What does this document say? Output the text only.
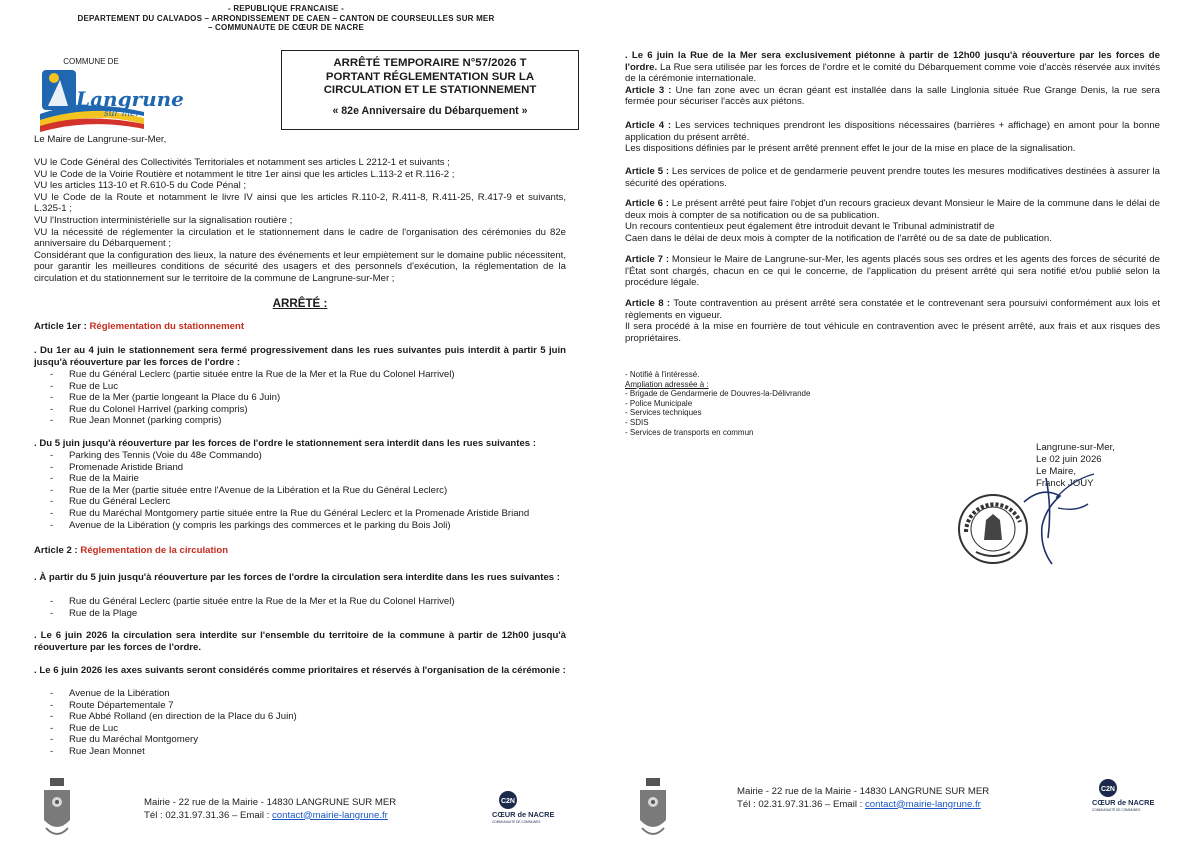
- REPUBLIQUE FRANCAISE -
DEPARTEMENT DU CALVADOS – ARRONDISSEMENT DE CAEN – CANTON DE COURSEULLES SUR MER
– COMMUNAUTE DE CŒUR DE NACRE
COMMUNE DE
Langrune
sur mer
ARRÊTÉ TEMPORAIRE N°57/2026 T
PORTANT RÉGLEMENTATION SUR LA
CIRCULATION ET LE STATIONNEMENT
« 82e Anniversaire du Débarquement »
Le Maire de Langrune-sur-Mer,

VU le Code Général des Collectivités Territoriales et notamment ses articles L 2212-1 et suivants ;

VU le Code de la Voirie Routière et notamment le titre 1er ainsi que les articles L.113-2 et R.116-2 ;

VU les articles 113-10 et R.610-5 du Code Pénal ;

VU le Code de la Route et notamment le livre IV ainsi que les articles R.110-2, R.411-8, R.411-25, R.417-9 et suivants, L.325-1 ;

VU l'Instruction interministérielle sur la signalisation routière ;

VU la nécessité de réglementer la circulation et le stationnement dans le cadre de l'organisation des cérémonies du 82e anniversaire du Débarquement ;

Considérant que la configuration des lieux, la nature des événements et leur empiètement sur le domaine public nécessitent, pour garantir les meilleures conditions de sécurité des usagers et des personnels d'exécution, la réglementation de la circulation et du stationnement sur le territoire de la commune de Langrune-sur-Mer ;

ARRÊTÉ :
Article 1er : Réglementation du stationnement
. Du 1er au 4 juin le stationnement sera fermé progressivement dans les rues suivantes puis interdit à partir 5 juin jusqu'à réouverture par les forces de l'ordre :
- Rue du Général Leclerc (partie située entre la Rue de la Mer et la Rue du Colonel Harrivel)
- Rue de Luc
- Rue de la Mer (partie longeant la Place du 6 Juin)
- Rue du Colonel Harrivel (parking compris)
- Rue Jean Monnet (parking compris)
. Du 5 juin jusqu'à réouverture par les forces de l'ordre le stationnement sera interdit dans les rues suivantes :
- Parking des Tennis (Voie du 48e Commando)
- Promenade Aristide Briand
- Rue de la Mairie
- Rue de la Mer (partie située entre l'Avenue de la Libération et la Rue du Général Leclerc)
- Rue du Général Leclerc
- Rue du Maréchal Montgomery partie située entre la Rue du Général Leclerc et la Promenade Aristide Briand
- Avenue de la Libération (y compris les parkings des commerces et le parking du Bois Joli)
Article 2 : Réglementation de la circulation
. À partir du 5 juin jusqu'à réouverture par les forces de l'ordre la circulation sera interdite dans les rues suivantes :
- Rue du Général Leclerc (partie située entre la Rue de la Mer et la Rue du Colonel Harrivel)
- Rue de la Plage
. Le 6 juin 2026 la circulation sera interdite sur l'ensemble du territoire de la commune à partir de 12h00 jusqu'à réouverture par les forces de l'ordre.
. Le 6 juin 2026 les axes suivants seront considérés comme prioritaires et réservés à l'organisation de la cérémonie :
- Avenue de la Libération
- Route Départementale 7
- Rue Abbé Rolland (en direction de la Place du 6 Juin)
- Rue de Luc
- Rue du Maréchal Montgomery
- Rue Jean Monnet
Mairie - 22 rue de la Mairie - 14830 LANGRUNE SUR MER
Tél : 02.31.97.31.36 – Email : contact@mairie-langrune.fr
C2N
CŒUR de NACRE
COMMUNAUTÉ DE COMMUNES

. Le 6 juin la Rue de la Mer sera exclusivement piétonne à partir de 12h00 jusqu'à réouverture par les forces de l'ordre. La Rue sera utilisée par les forces de l'ordre et le comité du Débarquement comme voie d'accès réservée aux invités de la cérémonie internationale.

Article 3 : Une fan zone avec un écran géant est installée dans la salle Linglonia située Rue Grange Denis, la rue sera fermée pour sécuriser l'accès aux piétons.

Article 4 : Les services techniques prendront les dispositions nécessaires (barrières + affichage) en amont pour la bonne application du présent arrêté.

Les dispositions définies par le présent arrêté prennent effet le jour de la mise en place de la signalisation.

Article 5 : Les services de police et de gendarmerie peuvent prendre toutes les mesures modificatives destinées à assurer la sécurité des opérations.

Article 6 : Le présent arrêté peut faire l'objet d'un recours gracieux devant Monsieur le Maire de la commune dans le délai de deux mois à compter de sa notification ou de sa publication.

Un recours contentieux peut également être introduit devant le Tribunal administratif de

Caen dans le délai de deux mois à compter de la notification de l'arrêté ou de sa date de publication.

Article 7 : Monsieur le Maire de Langrune-sur-Mer, les agents placés sous ses ordres et les agents des forces de sécurité de l'État sont chargés, chacun en ce qui le concerne, de l'application du présent arrêté qui sera notifié et/ou publié selon la procédure légale.

Article 8 : Toute contravention au présent arrêté sera constatée et le contrevenant sera poursuivi conformément aux lois et règlements en vigueur.

Il sera procédé à la mise en fourrière de tout véhicule en contravention avec le présent arrêté, aux frais et aux risques des propriétaires.

- Notifié à l'intéressé.
Ampliation adressée à :
- Brigade de Gendarmerie de Douvres-la-Délivrande
- Police Municipale
- Services techniques
- SDIS
- Services de transports en commun
Langrune-sur-Mer,
Le 02 juin 2026
Le Maire,
Franck JOUY
Mairie - 22 rue de la Mairie - 14830 LANGRUNE SUR MER
Tél : 02.31.97.31.36 – Email : contact@mairie-langrune.fr
C2N
CŒUR de NACRE
COMMUNAUTÉ DE COMMUNES
